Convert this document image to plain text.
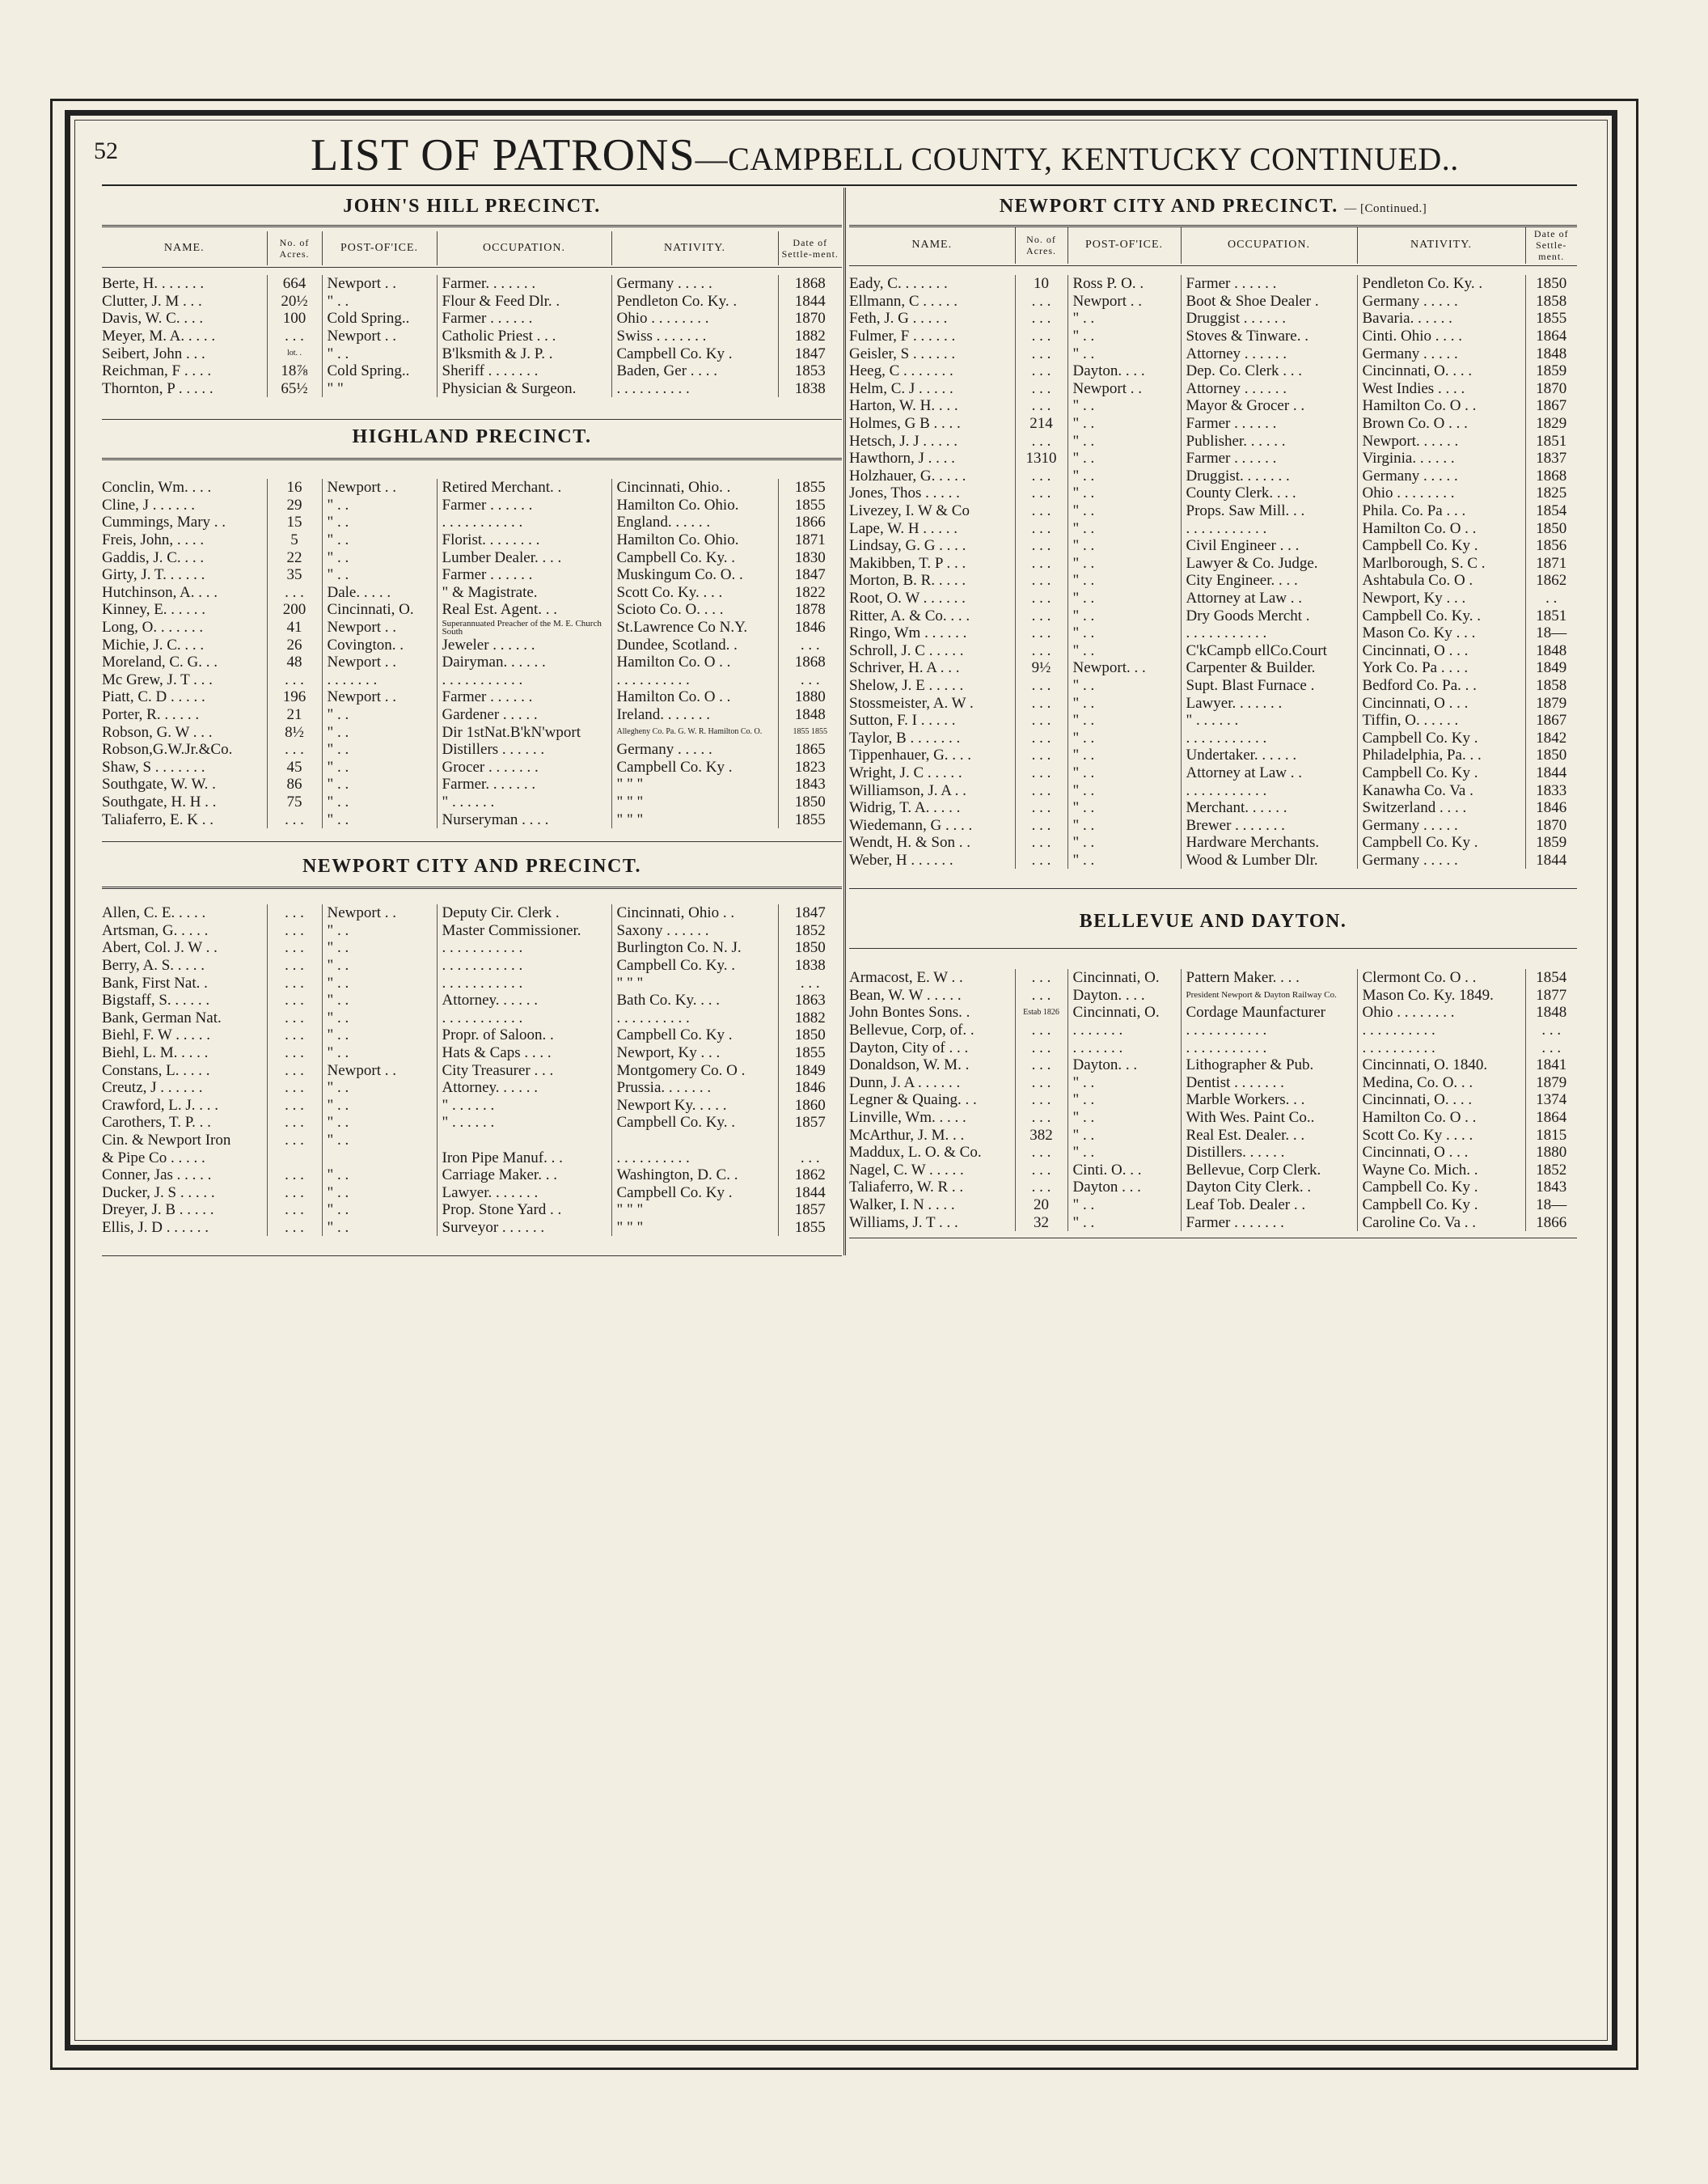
52	LIST OF PATRONS—CAMPBELL COUNTY, KENTUCKY CONTINUED..
JOHN'S HILL PRECINCT.
NAME.	No. of Acres.	POST-OF'ICE.	OCCUPATION.	NATIVITY.	Date of Settle-ment.
Berte, H. . . . . . .	664	Newport . .	Farmer. . . . . . .	Germany . . . . .	1868
Clutter, J. M . . .	20½	" . .	Flour & Feed Dlr. .	Pendleton Co. Ky. .	1844
Davis, W. C. . . .	100	Cold Spring..	Farmer . . . . . .	Ohio . . . . . . . .	1870
Meyer, M. A. . . . .	. . .	Newport . .	Catholic Priest . . .	Swiss . . . . . . .	1882
Seibert, John . . .	lot. .	" . .	B'lksmith & J. P. .	Campbell Co. Ky .	1847
Reichman, F . . . .	18⅞	Cold Spring..	Sheriff . . . . . . .	Baden, Ger . . . .	1853
Thornton, P . . . . .	65½	" "	Physician & Surgeon.	. . . . . . . . . .	1838
HIGHLAND PRECINCT.
Conclin, Wm. . . .	16	Newport . .	Retired Merchant. .	Cincinnati, Ohio. .	1855
Cline, J . . . . . .	29	" . .	Farmer . . . . . .	Hamilton Co. Ohio.	1855
Cummings, Mary . .	15	" . .	. . . . . . . . . . .	England. . . . . .	1866
Freis, John, . . . .	5	" . .	Florist. . . . . . . .	Hamilton Co. Ohio.	1871
Gaddis, J. C. . . .	22	" . .	Lumber Dealer. . . .	Campbell Co. Ky. .	1830
Girty, J. T. . . . . .	35	" . .	Farmer . . . . . .	Muskingum Co. O. .	1847
Hutchinson, A. . . .	. . .	Dale. . . . .	" & Magistrate.	Scott Co. Ky. . . .	1822
Kinney, E. . . . . .	200	Cincinnati, O.	Real Est. Agent. . .	Scioto Co. O. . . .	1878
Long, O. . . . . . .	41	Newport . .	Superannuated Preacher of the M. E. Church South	St.Lawrence Co N.Y.	1846
Michie, J. C. . . .	26	Covington. .	Jeweler . . . . . .	Dundee, Scotland. .	. . .
Moreland, C. G. . .	48	Newport . .	Dairyman. . . . . .	Hamilton Co. O . .	1868
Mc Grew, J. T . . .	. . .	. . . . . . .	. . . . . . . . . . .	. . . . . . . . . .	. . .
Piatt, C. D . . . . .	196	Newport . .	Farmer . . . . . .	Hamilton Co. O . .	1880
Porter, R. . . . . .	21	" . .	Gardener . . . . .	Ireland. . . . . . .	1848
Robson, G. W . . .	8½	" . .	Dir 1stNat.B'kN'wport	Allegheny Co. Pa. G. W. R. Hamilton Co. O.	1855 1855
Robson,G.W.Jr.&Co.	. . .	" . .	Distillers . . . . . .	Germany . . . . .	1865
Shaw, S . . . . . . .	45	" . .	Grocer . . . . . . .	Campbell Co. Ky .	1823
Southgate, W. W. .	86	" . .	Farmer. . . . . . .	" " "	1843
Southgate, H. H . .	75	" . .	" . . . . . .	" " "	1850
Taliaferro, E. K . .	. . .	" . .	Nurseryman . . . .	" " "	1855
NEWPORT CITY AND PRECINCT.
Allen, C. E. . . . .	. . .	Newport . .	Deputy Cir. Clerk .	Cincinnati, Ohio . .	1847
Artsman, G. . . . .	. . .	" . .	Master Commissioner.	Saxony . . . . . .	1852
Abert, Col. J. W . .	. . .	" . .	. . . . . . . . . . .	Burlington Co. N. J.	1850
Berry, A. S. . . . .	. . .	" . .	. . . . . . . . . . .	Campbell Co. Ky. .	1838
Bank, First Nat. .	. . .	" . .	. . . . . . . . . . .	" " "	. . .
Bigstaff, S. . . . . .	. . .	" . .	Attorney. . . . . .	Bath Co. Ky. . . .	1863
Bank, German Nat.	. . .	" . .	. . . . . . . . . . .	. . . . . . . . . .	1882
Biehl, F. W . . . . .	. . .	" . .	Propr. of Saloon. .	Campbell Co. Ky .	1850
Biehl, L. M. . . . .	. . .	" . .	Hats & Caps . . . .	Newport, Ky . . .	1855
Constans, L. . . . .	. . .	Newport . .	City Treasurer . . .	Montgomery Co. O .	1849
Creutz, J . . . . . .	. . .	" . .	Attorney. . . . . .	Prussia. . . . . . .	1846
Crawford, L. J. . . .	. . .	" . .	" . . . . . .	Newport Ky. . . . .	1860
Carothers, T. P. . .	. . .	" . .	" . . . . . .	Campbell Co. Ky. .	1857
Cin. & Newport Iron	. . .	" . .			
& Pipe Co . . . . .			Iron Pipe Manuf. . .	. . . . . . . . . .	. . .
Conner, Jas . . . . .	. . .	" . .	Carriage Maker. . .	Washington, D. C. .	1862
Ducker, J. S . . . . .	. . .	" . .	Lawyer. . . . . . .	Campbell Co. Ky .	1844
Dreyer, J. B . . . . .	. . .	" . .	Prop. Stone Yard . .	" " "	1857
Ellis, J. D . . . . . .	. . .	" . .	Surveyor . . . . . .	" " "	1855
NEWPORT CITY AND PRECINCT. — [Continued.]
NAME.	No. of Acres.	POST-OF'ICE.	OCCUPATION.	NATIVITY.	Date of Settle-ment.
Eady, C. . . . . . .	10	Ross P. O. .	Farmer . . . . . .	Pendleton Co. Ky. .	1850
Ellmann, C . . . . .	. . .	Newport . .	Boot & Shoe Dealer .	Germany . . . . .	1858
Feth, J. G . . . . .	. . .	" . .	Druggist . . . . . .	Bavaria. . . . . .	1855
Fulmer, F . . . . . .	. . .	" . .	Stoves & Tinware. .	Cinti. Ohio . . . .	1864
Geisler, S . . . . . .	. . .	" . .	Attorney . . . . . .	Germany . . . . .	1848
Heeg, C . . . . . . .	. . .	Dayton. . . .	Dep. Co. Clerk . . .	Cincinnati, O. . . .	1859
Helm, C. J . . . . .	. . .	Newport . .	Attorney . . . . . .	West Indies . . . .	1870
Harton, W. H. . . .	. . .	" . .	Mayor & Grocer . .	Hamilton Co. O . .	1867
Holmes, G B . . . .	214	" . .	Farmer . . . . . .	Brown Co. O . . .	1829
Hetsch, J. J . . . . .	. . .	" . .	Publisher. . . . . .	Newport. . . . . .	1851
Hawthorn, J . . . .	1310	" . .	Farmer . . . . . .	Virginia. . . . . .	1837
Holzhauer, G. . . . .	. . .	" . .	Druggist. . . . . . .	Germany . . . . .	1868
Jones, Thos . . . . .	. . .	" . .	County Clerk. . . .	Ohio . . . . . . . .	1825
Livezey, I. W & Co	. . .	" . .	Props. Saw Mill. . .	Phila. Co. Pa . . .	1854
Lape, W. H . . . . .	. . .	" . .	. . . . . . . . . . .	Hamilton Co. O . .	1850
Lindsay, G. G . . . .	. . .	" . .	Civil Engineer . . .	Campbell Co. Ky .	1856
Makibben, T. P . . .	. . .	" . .	Lawyer & Co. Judge.	Marlborough, S. C .	1871
Morton, B. R. . . . .	. . .	" . .	City Engineer. . . .	Ashtabula Co. O .	1862
Root, O. W . . . . . .	. . .	" . .	Attorney at Law . .	Newport, Ky . . .	. .
Ritter, A. & Co. . . .	. . .	" . .	Dry Goods Mercht .	Campbell Co. Ky. .	1851
Ringo, Wm . . . . . .	. . .	" . .	. . . . . . . . . . .	Mason Co. Ky . . .	18—
Schroll, J. C . . . . .	. . .	" . .	C'kCampb ellCo.Court	Cincinnati, O . . .	1848
Schriver, H. A . . .	9½	Newport. . .	Carpenter & Builder.	York Co. Pa . . . .	1849
Shelow, J. E . . . . .	. . .	" . .	Supt. Blast Furnace .	Bedford Co. Pa. . .	1858
Stossmeister, A. W .	. . .	" . .	Lawyer. . . . . . .	Cincinnati, O . . .	1879
Sutton, F. I . . . . .	. . .	" . .	" . . . . . .	Tiffin, O. . . . . .	1867
Taylor, B . . . . . . .	. . .	" . .	. . . . . . . . . . .	Campbell Co. Ky .	1842
Tippenhauer, G. . . .	. . .	" . .	Undertaker. . . . . .	Philadelphia, Pa. . .	1850
Wright, J. C . . . . .	. . .	" . .	Attorney at Law . .	Campbell Co. Ky .	1844
Williamson, J. A . .	. . .	" . .	. . . . . . . . . . .	Kanawha Co. Va .	1833
Widrig, T. A. . . . .	. . .	" . .	Merchant. . . . . .	Switzerland . . . .	1846
Wiedemann, G . . . .	. . .	" . .	Brewer . . . . . . .	Germany . . . . .	1870
Wendt, H. & Son . .	. . .	" . .	Hardware Merchants.	Campbell Co. Ky .	1859
Weber, H . . . . . .	. . .	" . .	Wood & Lumber Dlr.	Germany . . . . .	1844
BELLEVUE AND DAYTON.
Armacost, E. W . .	. . .	Cincinnati, O.	Pattern Maker. . . .	Clermont Co. O . .	1854
Bean, W. W . . . . .	. . .	Dayton. . . .	President Newport & Dayton Railway Co.	Mason Co. Ky. 1849.	1877
John Bontes Sons. .	Estab 1826	Cincinnati, O.	Cordage Maunfacturer	Ohio . . . . . . . .	1848
Bellevue, Corp, of. .	. . .	. . . . . . .	. . . . . . . . . . .	. . . . . . . . . .	. . .
Dayton, City of . . .	. . .	. . . . . . .	. . . . . . . . . . .	. . . . . . . . . .	. . .
Donaldson, W. M. .	. . .	Dayton. . .	Lithographer & Pub.	Cincinnati, O. 1840.	1841
Dunn, J. A . . . . . .	. . .	" . .	Dentist . . . . . . .	Medina, Co. O. . .	1879
Legner & Quaing. . .	. . .	" . .	Marble Workers. . .	Cincinnati, O. . . .	1374
Linville, Wm. . . . .	. . .	" . .	With Wes. Paint Co..	Hamilton Co. O . .	1864
McArthur, J. M. . .	382	" . .	Real Est. Dealer. . .	Scott Co. Ky . . . .	1815
Maddux, L. O. & Co.	. . .	" . .	Distillers. . . . . .	Cincinnati, O . . .	1880
Nagel, C. W . . . . .	. . .	Cinti. O. . .	Bellevue, Corp Clerk.	Wayne Co. Mich. .	1852
Taliaferro, W. R . .	. . .	Dayton . . .	Dayton City Clerk. .	Campbell Co. Ky .	1843
Walker, I. N . . . .	20	" . .	Leaf Tob. Dealer . .	Campbell Co. Ky .	18—
Williams, J. T . . .	32	" . .	Farmer . . . . . . .	Caroline Co. Va . .	1866
